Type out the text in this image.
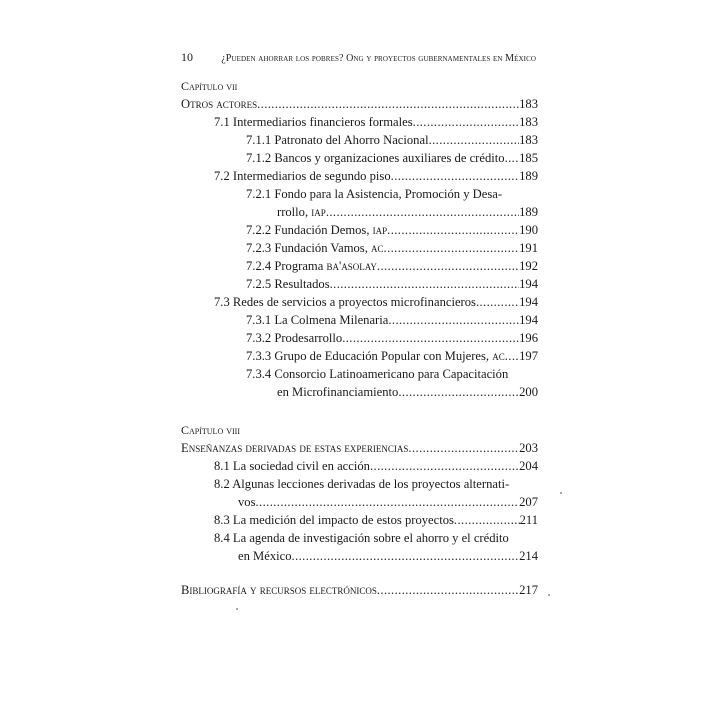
10	¿Pueden ahorrar los pobres? Ong y proyectos gubernamentales en México
Capítulo vii
Otros actores .....	183
7.1 Intermediarios financieros formales .....	183
7.1.1 Patronato del Ahorro Nacional .....	183
7.1.2 Bancos y organizaciones auxiliares de crédito ..... 185
7.2 Intermediarios de segundo piso .....	189
7.2.1 Fondo para la Asistencia, Promoción y Desa-
rrollo, iap .....	189
7.2.2 Fundación Demos, iap .....	190
7.2.3 Fundación Vamos, ac .....	191
7.2.4 Programa ba'asolay .....	192
7.2.5 Resultados .....	194
7.3 Redes de servicios a proyectos microfinancieros .....	194
7.3.1 La Colmena Milenaria .....	194
7.3.2 Prodesarrollo .....	196
7.3.3 Grupo de Educación Popular con Mujeres, ac ..... 197
7.3.4 Consorcio Latinoamericano para Capacitación
en Microfinanciamiento .....	200
Capítulo viii
Enseñanzas derivadas de estas experiencias .....	203
8.1 La sociedad civil en acción .....	204
8.2 Algunas lecciones derivadas de los proyectos alternati-
vos .....	207
8.3 La medición del impacto de estos proyectos .....	211
8.4 La agenda de investigación sobre el ahorro y el crédito
en México .....	214
Bibliografía y recursos electrónicos .....	217
